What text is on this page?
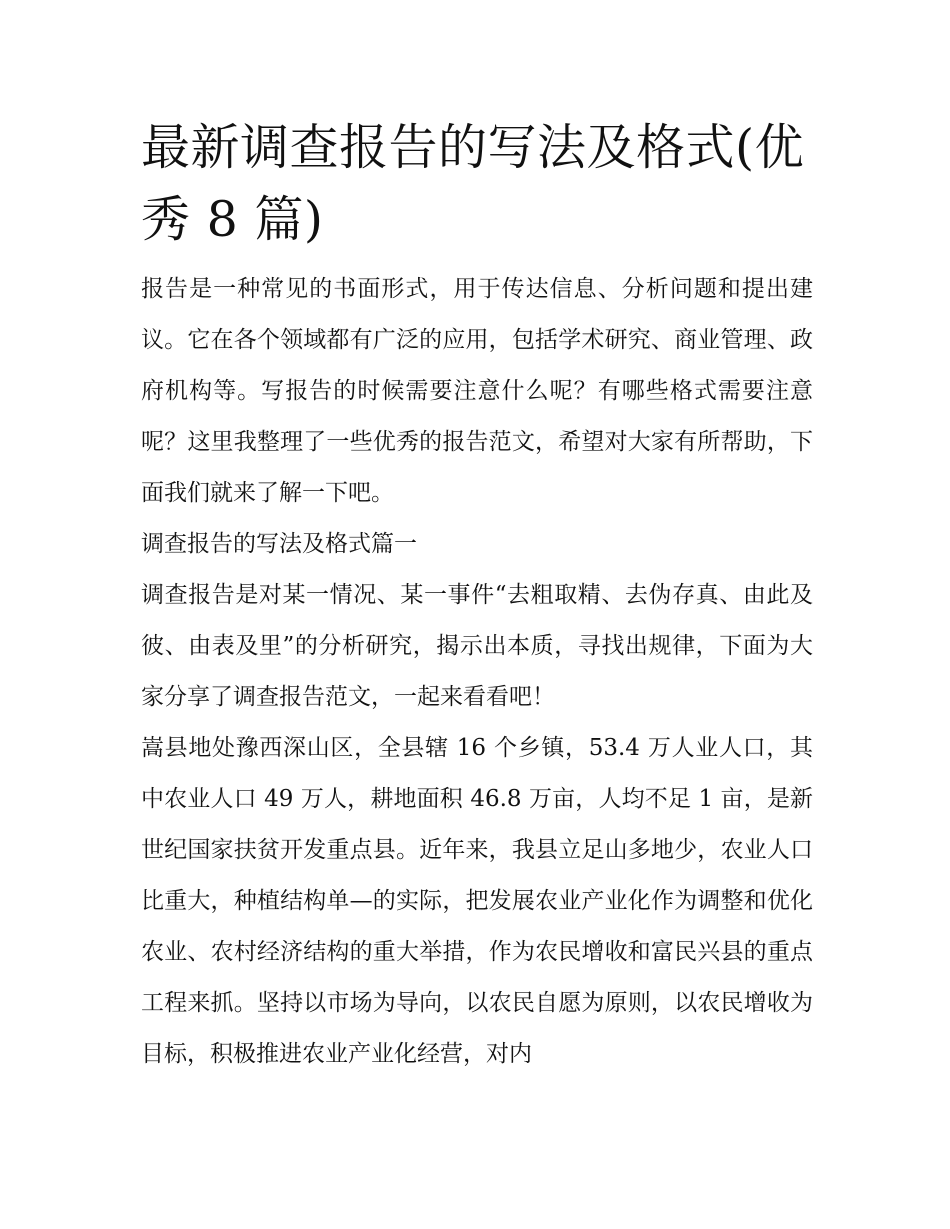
最新调查报告的写法及格式(优秀 8 篇)

报告是一种常见的书面形式，用于传达信息、分析问题和提出建议。它在各个领域都有广泛的应用，包括学术研究、商业管理、政府机构等。写报告的时候需要注意什么呢？有哪些格式需要注意呢？这里我整理了一些优秀的报告范文，希望对大家有所帮助，下面我们就来了解一下吧。

调查报告的写法及格式篇一

调查报告是对某一情况、某一事件“去粗取精、去伪存真、由此及彼、由表及里”的分析研究，揭示出本质，寻找出规律，下面为大家分享了调查报告范文，一起来看看吧！

嵩县地处豫西深山区，全县辖 16 个乡镇，53.4 万人业人口，其中农业人口 49 万人，耕地面积 46.8 万亩，人均不足 1 亩，是新世纪国家扶贫开发重点县。近年来，我县立足山多地少，农业人口比重大，种植结构单—的实际，把发展农业产业化作为调整和优化农业、农村经济结构的重大举措，作为农民增收和富民兴县的重点工程来抓。坚持以市场为导向，以农民自愿为原则，以农民增收为目标，积极推进农业产业化经营，对内
